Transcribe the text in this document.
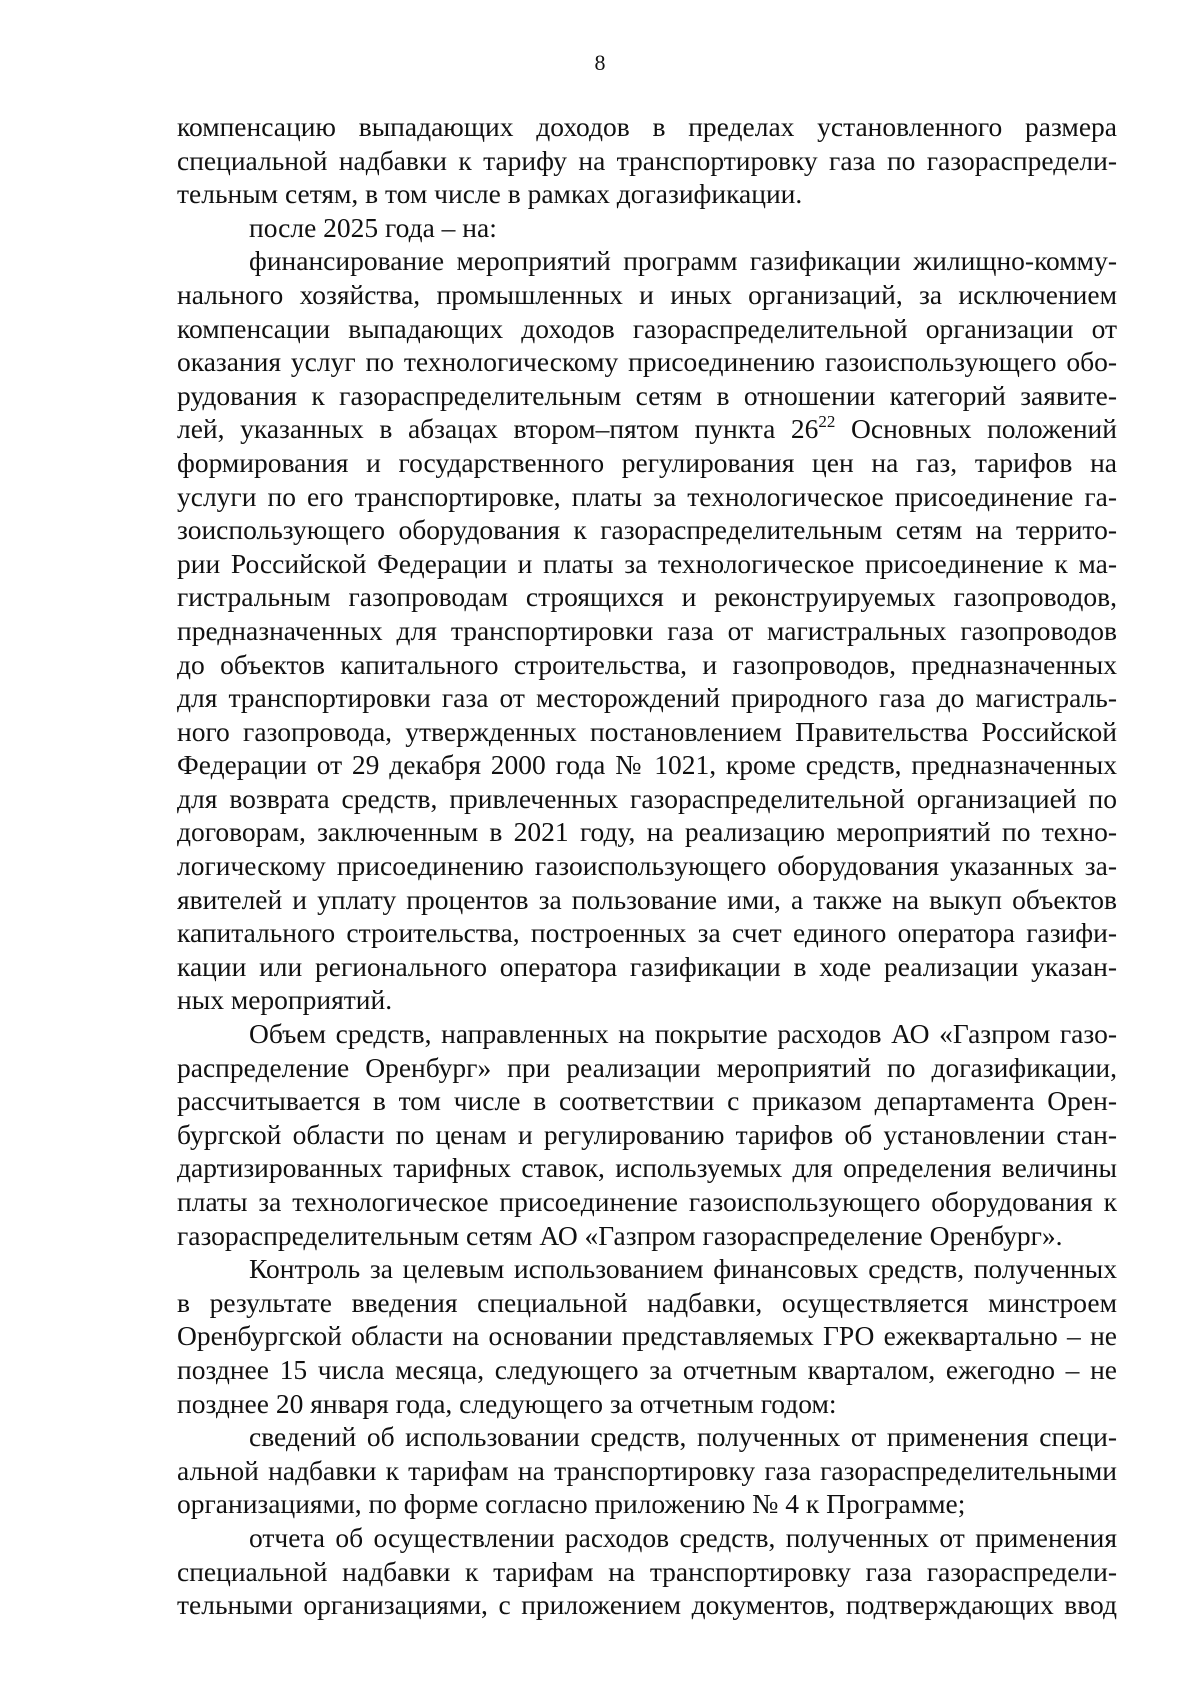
8
компенсацию выпадающих доходов в пределах установленного размера
специальной надбавки к тарифу на транспортировку газа по газораспредели-
тельным сетям, в том числе в рамках догазификации.
после 2025 года – на:
финансирование мероприятий программ газификации жилищно-комму-
нального хозяйства, промышленных и иных организаций, за исключением
компенсации выпадающих доходов газораспределительной организации от
оказания услуг по технологическому присоединению газоиспользующего обо-
рудования к газораспределительным сетям в отношении категорий заявите-
лей, указанных в абзацах втором–пятом пункта $26^{22}$ Основных положений
формирования и государственного регулирования цен на газ, тарифов на
услуги по его транспортировке, платы за технологическое присоединение га-
зоиспользующего оборудования к газораспределительным сетям на террито-
рии Российской Федерации и платы за технологическое присоединение к ма-
гистральным газопроводам строящихся и реконструируемых газопроводов,
предназначенных для транспортировки газа от магистральных газопроводов
до объектов капитального строительства, и газопроводов, предназначенных
для транспортировки газа от месторождений природного газа до магистраль-
ного газопровода, утвержденных постановлением Правительства Российской
Федерации от 29 декабря 2000 года № 1021, кроме средств, предназначенных
для возврата средств, привлеченных газораспределительной организацией по
договорам, заключенным в 2021 году, на реализацию мероприятий по техно-
логическому присоединению газоиспользующего оборудования указанных за-
явителей и уплату процентов за пользование ими, а также на выкуп объектов
капитального строительства, построенных за счет единого оператора газифи-
кации или регионального оператора газификации в ходе реализации указан-
ных мероприятий.
Объем средств, направленных на покрытие расходов АО «Газпром газо-
распределение Оренбург» при реализации мероприятий по догазификации,
рассчитывается в том числе в соответствии с приказом департамента Орен-
бургской области по ценам и регулированию тарифов об установлении стан-
дартизированных тарифных ставок, используемых для определения величины
платы за технологическое присоединение газоиспользующего оборудования к
газораспределительным сетям АО «Газпром газораспределение Оренбург».
Контроль за целевым использованием финансовых средств, полученных
в результате введения специальной надбавки, осуществляется минстроем
Оренбургской области на основании представляемых ГРО ежеквартально – не
позднее 15 числа месяца, следующего за отчетным кварталом, ежегодно – не
позднее 20 января года, следующего за отчетным годом:
сведений об использовании средств, полученных от применения специ-
альной надбавки к тарифам на транспортировку газа газораспределительными
организациями, по форме согласно приложению № 4 к Программе;
отчета об осуществлении расходов средств, полученных от применения
специальной надбавки к тарифам на транспортировку газа газораспредели-
тельными организациями, с приложением документов, подтверждающих ввод
